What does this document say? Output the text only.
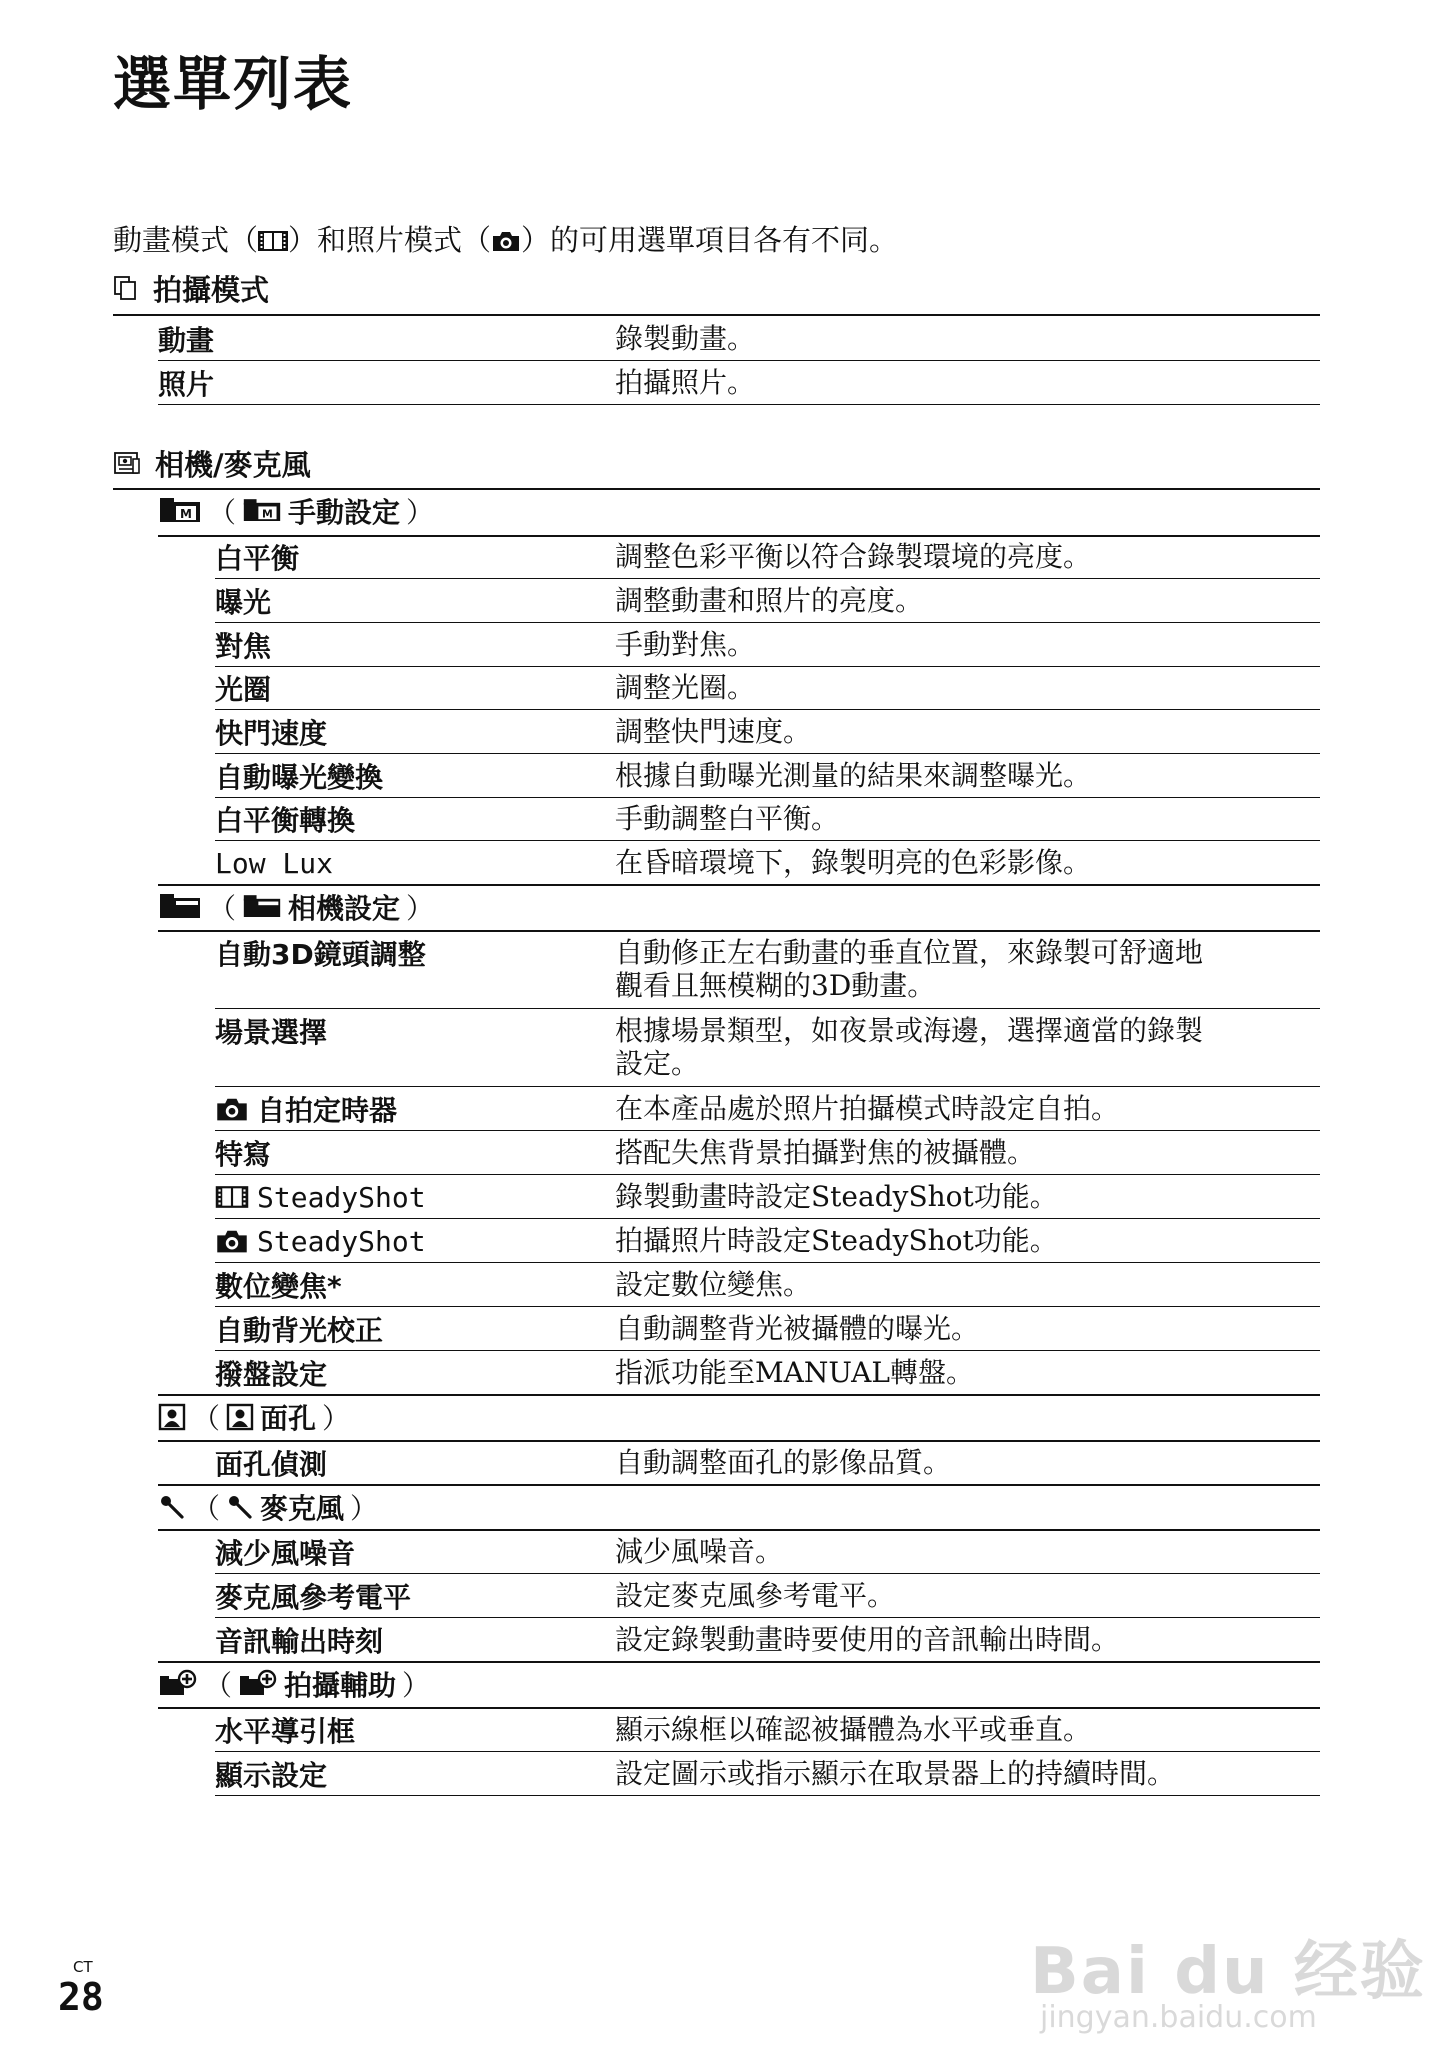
選單列表
動畫模式（ ）和照片模式（ ）的可用選單項目各有不同。
拍攝模式
動畫	錄製動畫。
照片	拍攝照片。
相機/麥克風
（ 手動設定 ）
白平衡	調整色彩平衡以符合錄製環境的亮度。
曝光	調整動畫和照片的亮度。
對焦	手動對焦。
光圈	調整光圈。
快門速度	調整快門速度。
自動曝光變換	根據自動曝光測量的結果來調整曝光。
白平衡轉換	手動調整白平衡。
Low Lux	在昏暗環境下，錄製明亮的色彩影像。
（ 相機設定 ）
自動3D鏡頭調整	自動修正左右動畫的垂直位置，來錄製可舒適地觀看且無模糊的3D動畫。
場景選擇	根據場景類型，如夜景或海邊，選擇適當的錄製設定。
自拍定時器	在本產品處於照片拍攝模式時設定自拍。
特寫	搭配失焦背景拍攝對焦的被攝體。
SteadyShot	錄製動畫時設定SteadyShot功能。
SteadyShot	拍攝照片時設定SteadyShot功能。
數位變焦*	設定數位變焦。
自動背光校正	自動調整背光被攝體的曝光。
撥盤設定	指派功能至MANUAL轉盤。
（ 面孔 ）
面孔偵測	自動調整面孔的影像品質。
（ 麥克風 ）
減少風噪音	減少風噪音。
麥克風參考電平	設定麥克風參考電平。
音訊輸出時刻	設定錄製動畫時要使用的音訊輸出時間。
（ 拍攝輔助 ）
水平導引框	顯示線框以確認被攝體為水平或垂直。
顯示設定	設定圖示或指示顯示在取景器上的持續時間。
Bai du 经验
jingyan.baidu.com
CT
28
